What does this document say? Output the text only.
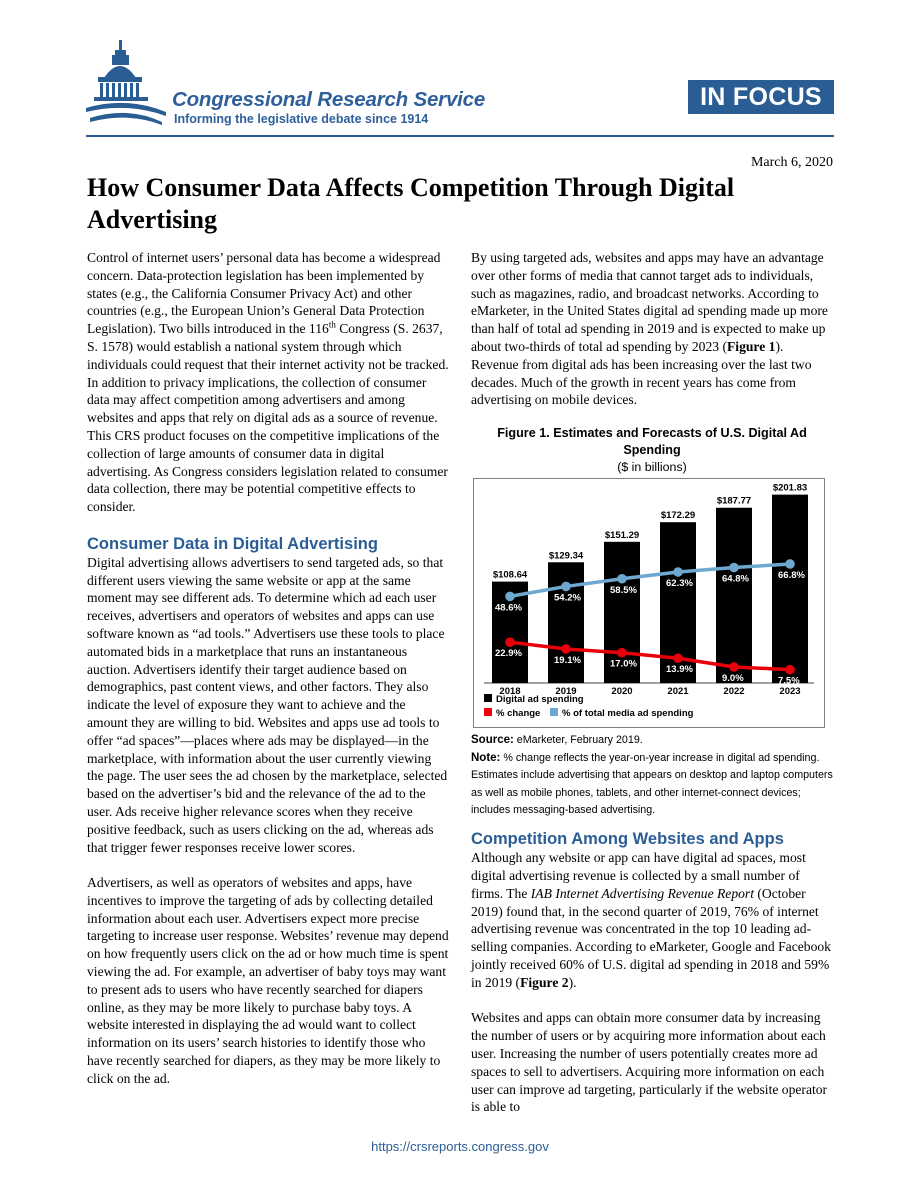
Congressional Research Service
Informing the legislative debate since 1914
IN FOCUS
March 6, 2020
How Consumer Data Affects Competition Through Digital Advertising

Control of internet users’ personal data has become a widespread concern. Data-protection legislation has been implemented by states (e.g., the California Consumer Privacy Act) and other countries (e.g., the European Union’s General Data Protection Legislation). Two bills introduced in the 116th Congress (S. 2637, S. 1578) would establish a national system through which individuals could request that their internet activity not be tracked. In addition to privacy implications, the collection of consumer data may affect competition among advertisers and among websites and apps that rely on digital ads as a source of revenue. This CRS product focuses on the competitive implications of the collection of large amounts of consumer data in digital advertising. As Congress considers legislation related to consumer data collection, there may be potential competitive effects to consider.

Consumer Data in Digital Advertising

Digital advertising allows advertisers to send targeted ads, so that different users viewing the same website or app at the same moment may see different ads. To determine which ad each user receives, advertisers and operators of websites and apps can use software known as “ad tools.” Advertisers use these tools to place automated bids in a marketplace that runs an instantaneous auction. Advertisers identify their target audience based on demographics, past content views, and other factors. They also indicate the level of exposure they want to achieve and the amount they are willing to bid. Websites and apps use ad tools to offer “ad spaces”—places where ads may be displayed—in the marketplace, with information about the user currently viewing the page. The user sees the ad chosen by the marketplace, selected based on the advertiser’s bid and the relevance of the ad to the user. Ads receive higher relevance scores when they receive positive feedback, such as users clicking on the ad, whereas ads that trigger fewer responses receive lower scores.

Advertisers, as well as operators of websites and apps, have incentives to improve the targeting of ads by collecting detailed information about each user. Advertisers expect more precise targeting to increase user response. Websites’ revenue may depend on how frequently users click on the ad or how much time is spent viewing the ad. For example, an advertiser of baby toys may want to present ads to users who have recently searched for diapers online, as they may be more likely to purchase baby toys. A website interested in displaying the ad would want to collect information on its users’ search histories to identify those who have recently searched for diapers, as they may be more likely to click on the ad.

By using targeted ads, websites and apps may have an advantage over other forms of media that cannot target ads to individuals, such as magazines, radio, and broadcast networks. According to eMarketer, in the United States digital ad spending made up more than half of total ad spending in 2019 and is expected to make up about two-thirds of total ad spending by 2023 (Figure 1). Revenue from digital ads has been increasing over the last two decades. Much of the growth in recent years has come from advertising on mobile devices.

Figure 1. Estimates and Forecasts of U.S. Digital Ad Spending
($ in billions)
$108.64
$129.34
$151.29
$172.29
$187.77
$201.83
2018	2019	2020	2021	2022	2023
48.6%
54.2%
58.5%
62.3%	64.8%	66.8%
22.9%
19.1%	17.0%
13.9%
9.0%	7.5%
Digital ad spending
% change % of total media ad spending

Source: eMarketer, February 2019.

Note: % change reflects the year-on-year increase in digital ad spending. Estimates include advertising that appears on desktop and laptop computers as well as mobile phones, tablets, and other internet-connect devices; includes messaging-based advertising.

Competition Among Websites and Apps

Although any website or app can have digital ad spaces, most digital advertising revenue is collected by a small number of firms. The IAB Internet Advertising Revenue Report (October 2019) found that, in the second quarter of 2019, 76% of internet advertising revenue was concentrated in the top 10 leading ad-selling companies. According to eMarketer, Google and Facebook jointly received 60% of U.S. digital ad spending in 2018 and 59% in 2019 (Figure 2).

Websites and apps can obtain more consumer data by increasing the number of users or by acquiring more information about each user. Increasing the number of users potentially creates more ad spaces to sell to advertisers. Acquiring more information on each user can improve ad targeting, particularly if the website operator is able to

https://crsreports.congress.gov
